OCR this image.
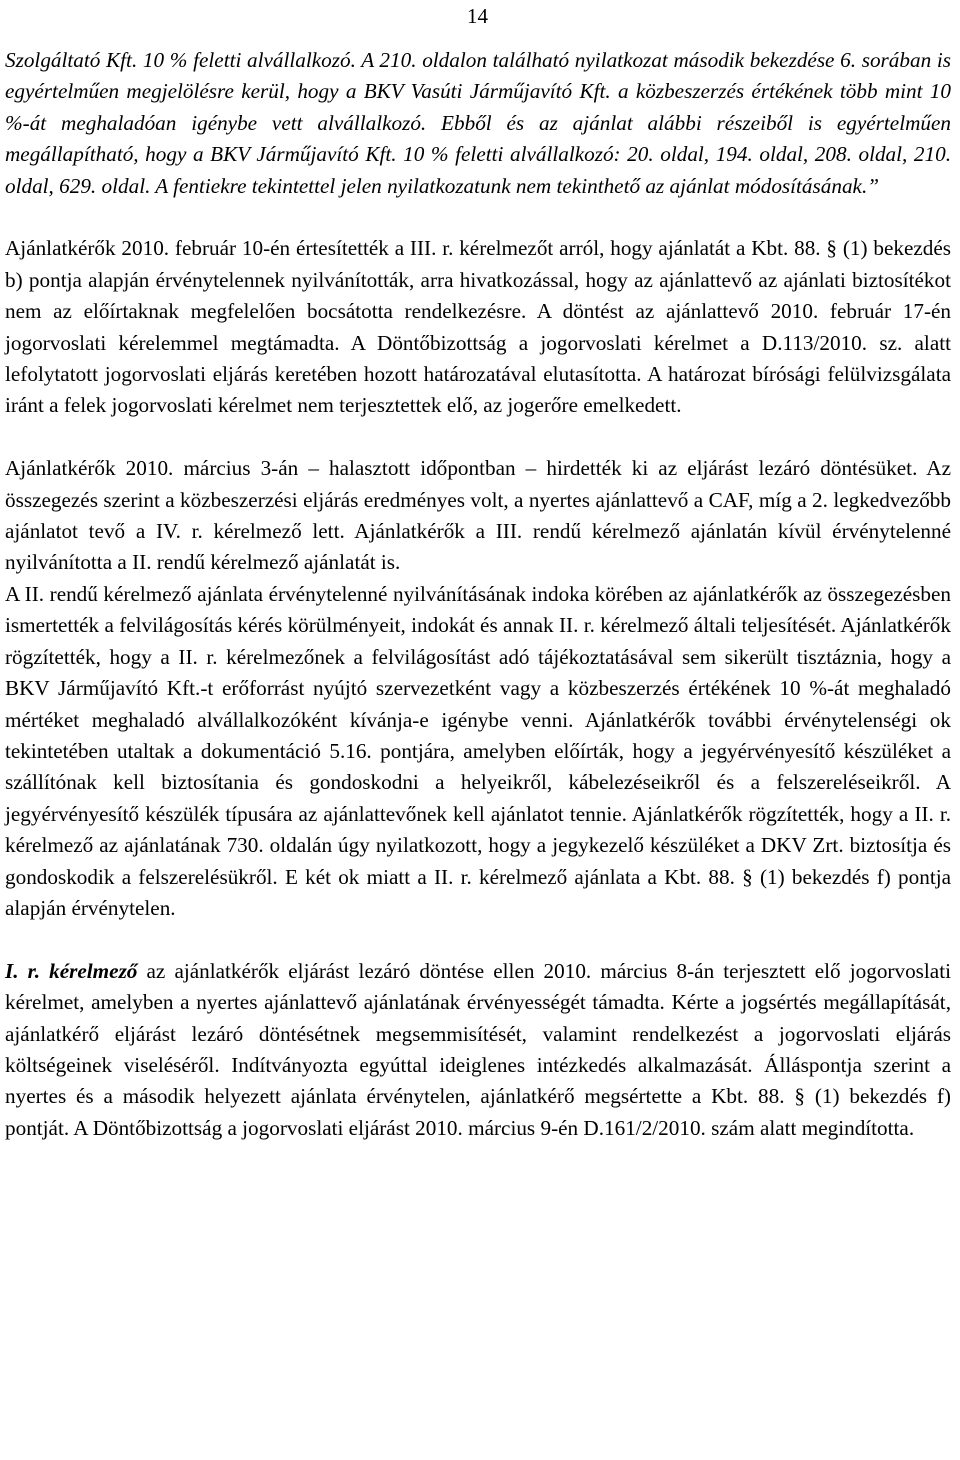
14

Szolgáltató Kft. 10 % feletti alvállalkozó. A 210. oldalon található nyilatkozat második bekezdése 6. sorában is egyértelműen megjelölésre kerül, hogy a BKV Vasúti Járműjavító Kft. a közbeszerzés értékének több mint 10 %-át meghaladóan igénybe vett alvállalkozó. Ebből és az ajánlat alábbi részeiből is egyértelműen megállapítható, hogy a BKV Járműjavító Kft. 10 % feletti alvállalkozó: 20. oldal, 194. oldal, 208. oldal, 210. oldal, 629. oldal. A fentiekre tekintettel jelen nyilatkozatunk nem tekinthető az ajánlat módosításának.”

Ajánlatkérők 2010. február 10-én értesítették a III. r. kérelmezőt arról, hogy ajánlatát a Kbt. 88. § (1) bekezdés b) pontja alapján érvénytelennek nyilvánították, arra hivatkozással, hogy az ajánlattevő az ajánlati biztosítékot nem az előírtaknak megfelelően bocsátotta rendelkezésre. A döntést az ajánlattevő 2010. február 17-én jogorvoslati kérelemmel megtámadta. A Döntőbizottság a jogorvoslati kérelmet a D.113/2010. sz. alatt lefolytatott jogorvoslati eljárás keretében hozott határozatával elutasította. A határozat bírósági felülvizsgálata iránt a felek jogorvoslati kérelmet nem terjesztettek elő, az jogerőre emelkedett.

Ajánlatkérők 2010. március 3-án – halasztott időpontban – hirdették ki az eljárást lezáró döntésüket. Az összegezés szerint a közbeszerzési eljárás eredményes volt, a nyertes ajánlattevő a CAF, míg a 2. legkedvezőbb ajánlatot tevő a IV. r. kérelmező lett. Ajánlatkérők a III. rendű kérelmező ajánlatán kívül érvénytelenné nyilvánította a II. rendű kérelmező ajánlatát is.

A II. rendű kérelmező ajánlata érvénytelenné nyilvánításának indoka körében az ajánlatkérők az összegezésben ismertették a felvilágosítás kérés körülményeit, indokát és annak II. r. kérelmező általi teljesítését. Ajánlatkérők rögzítették, hogy a II. r. kérelmezőnek a felvilágosítást adó tájékoztatásával sem sikerült tisztáznia, hogy a BKV Járműjavító Kft.-t erőforrást nyújtó szervezetként vagy a közbeszerzés értékének 10 %-át meghaladó mértéket meghaladó alvállalkozóként kívánja-e igénybe venni. Ajánlatkérők további érvénytelenségi ok tekintetében utaltak a dokumentáció 5.16. pontjára, amelyben előírták, hogy a jegyérvényesítő készüléket a szállítónak kell biztosítania és gondoskodni a helyeikről, kábelezéseikről és a felszereléseikről. A jegyérvényesítő készülék típusára az ajánlattevőnek kell ajánlatot tennie. Ajánlatkérők rögzítették, hogy a II. r. kérelmező az ajánlatának 730. oldalán úgy nyilatkozott, hogy a jegykezelő készüléket a DKV Zrt. biztosítja és gondoskodik a felszerelésükről. E két ok miatt a II. r. kérelmező ajánlata a Kbt. 88. § (1) bekezdés f) pontja alapján érvénytelen.

I. r. kérelmező az ajánlatkérők eljárást lezáró döntése ellen 2010. március 8-án terjesztett elő jogorvoslati kérelmet, amelyben a nyertes ajánlattevő ajánlatának érvényességét támadta. Kérte a jogsértés megállapítását, ajánlatkérő eljárást lezáró döntésétnek megsemmisítését, valamint rendelkezést a jogorvoslati eljárás költségeinek viseléséről. Indítványozta egyúttal ideiglenes intézkedés alkalmazását. Álláspontja szerint a nyertes és a második helyezett ajánlata érvénytelen, ajánlatkérő megsértette a Kbt. 88. § (1) bekezdés f) pontját. A Döntőbizottság a jogorvoslati eljárást 2010. március 9-én D.161/2/2010. szám alatt megindította.
